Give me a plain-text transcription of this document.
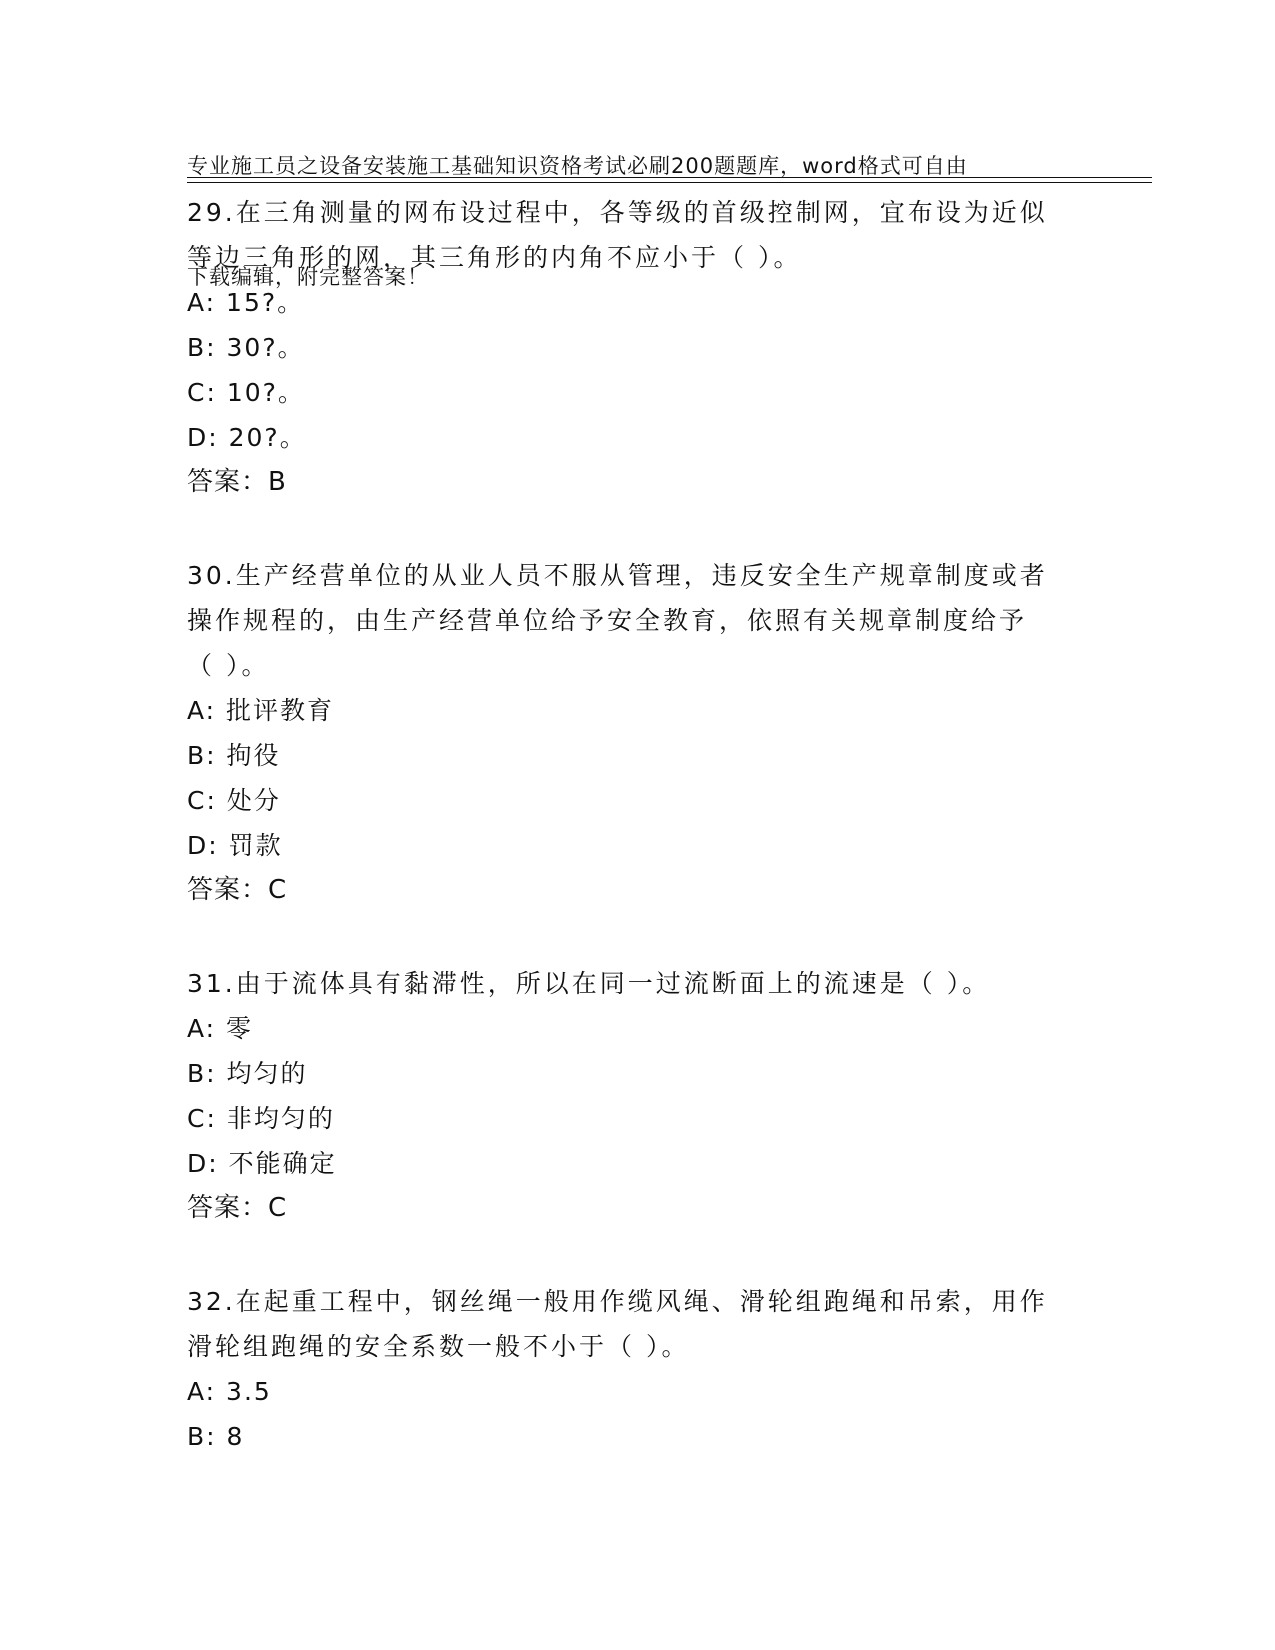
专业施工员之设备安装施工基础知识资格考试必刷200题题库，word格式可自由

下载编辑，附完整答案！

29.在三角测量的网布设过程中，各等级的首级控制网，宜布设为近似

等边三角形的网，其三角形的内角不应小于（ ）。

A: 15?。

B: 30?。

C: 10?。

D: 20?。

答案：B

30.生产经营单位的从业人员不服从管理，违反安全生产规章制度或者

操作规程的，由生产经营单位给予安全教育，依照有关规章制度给予

（ ）。

A: 批评教育

B: 拘役

C: 处分

D: 罚款

答案：C

31.由于流体具有黏滞性，所以在同一过流断面上的流速是（ ）。

A: 零

B: 均匀的

C: 非均匀的

D: 不能确定

答案：C

32.在起重工程中，钢丝绳一般用作缆风绳、滑轮组跑绳和吊索，用作

滑轮组跑绳的安全系数一般不小于（ ）。

A: 3.5

B: 8
